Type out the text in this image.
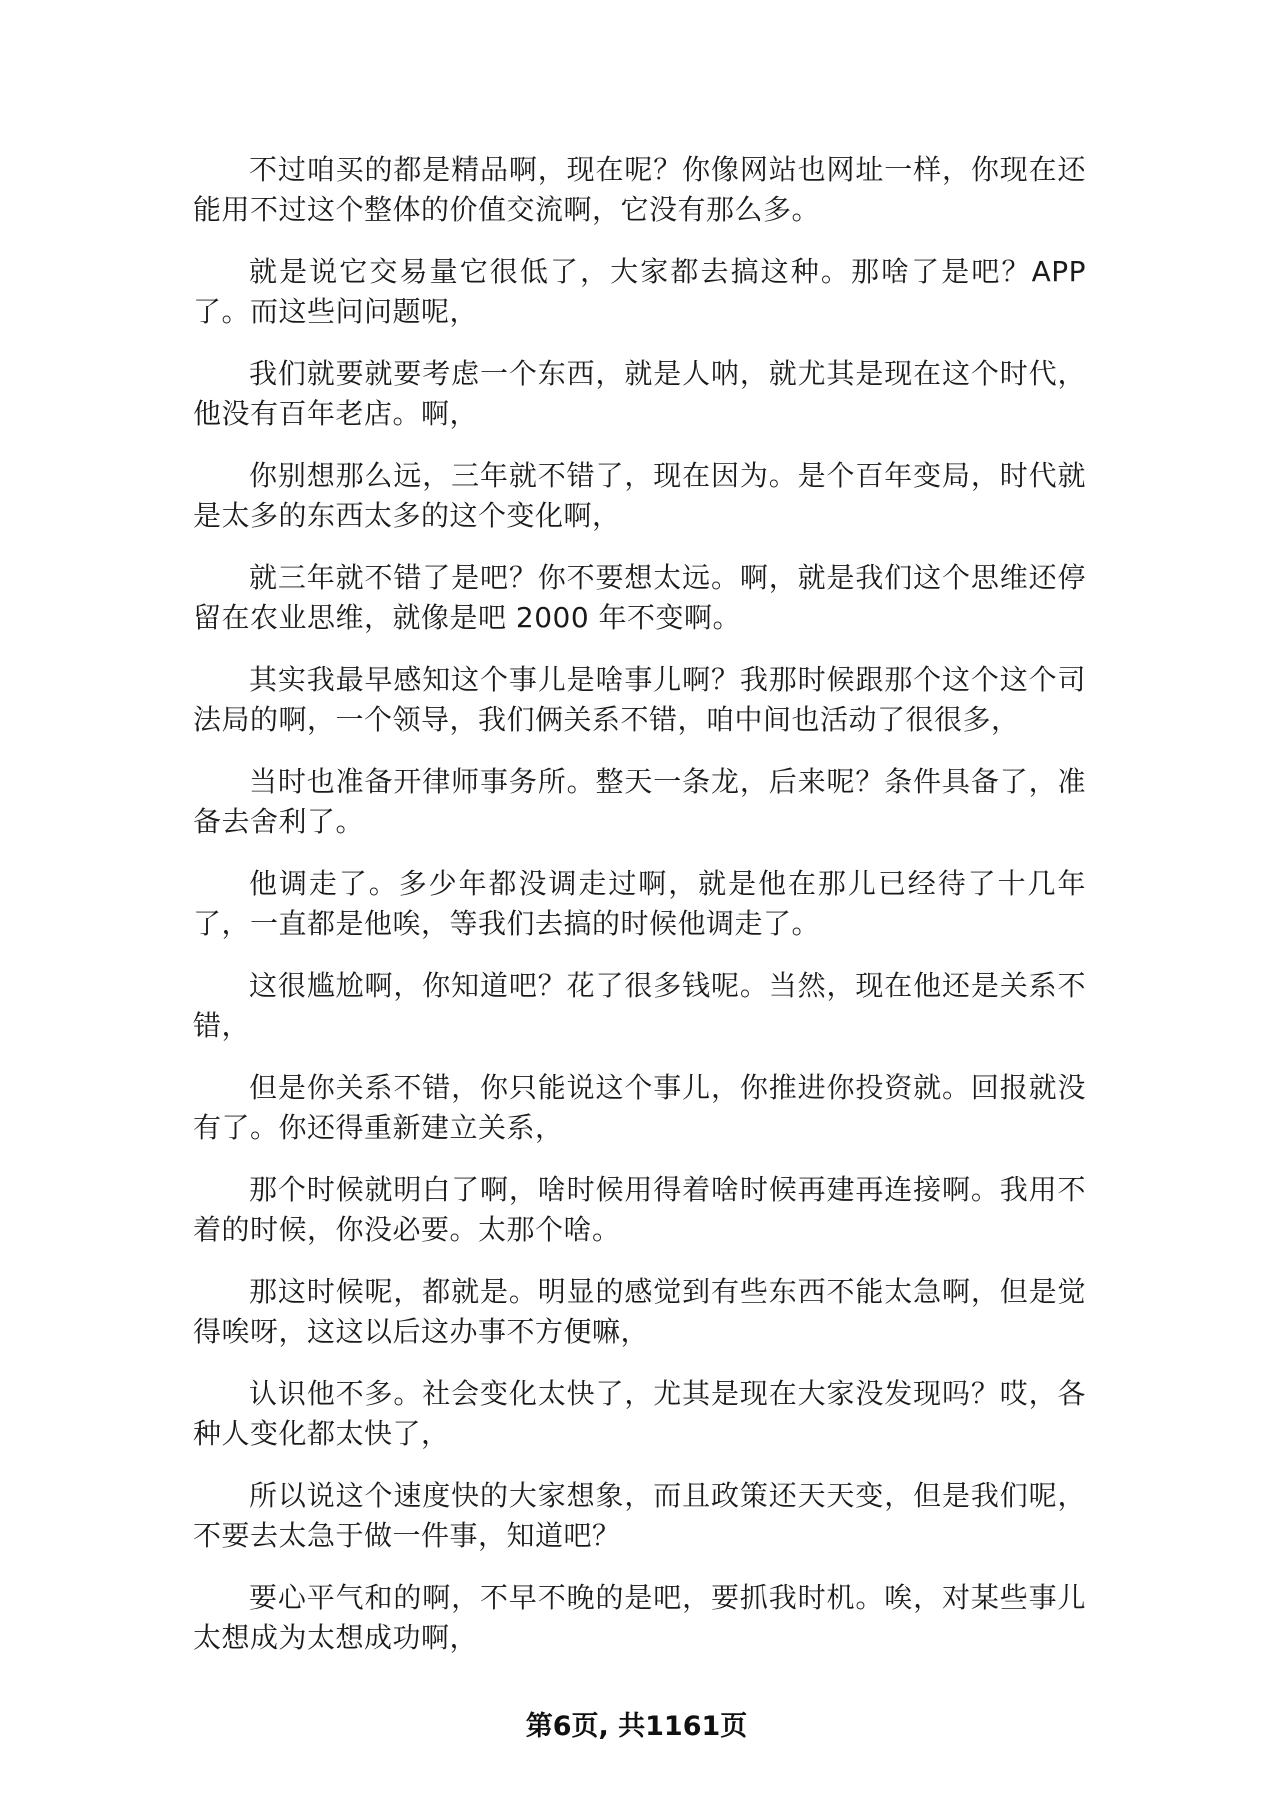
不过咱买的都是精品啊，现在呢？你像网站也网址一样，你现在还能用不过这个整体的价值交流啊，它没有那么多。

就是说它交易量它很低了，大家都去搞这种。那啥了是吧？APP了。而这些问问题呢，

我们就要就要考虑一个东西，就是人呐，就尤其是现在这个时代，他没有百年老店。啊，

你别想那么远，三年就不错了，现在因为。是个百年变局，时代就是太多的东西太多的这个变化啊，

就三年就不错了是吧？你不要想太远。啊，就是我们这个思维还停留在农业思维，就像是吧 2000 年不变啊。

其实我最早感知这个事儿是啥事儿啊？我那时候跟那个这个这个司法局的啊，一个领导，我们俩关系不错，咱中间也活动了很很多，

当时也准备开律师事务所。整天一条龙，后来呢？条件具备了，准备去舍利了。

他调走了。多少年都没调走过啊，就是他在那儿已经待了十几年了，一直都是他唉，等我们去搞的时候他调走了。

这很尴尬啊，你知道吧？花了很多钱呢。当然，现在他还是关系不错，

但是你关系不错，你只能说这个事儿，你推进你投资就。回报就没有了。你还得重新建立关系，

那个时候就明白了啊，啥时候用得着啥时候再建再连接啊。我用不着的时候，你没必要。太那个啥。

那这时候呢，都就是。明显的感觉到有些东西不能太急啊，但是觉得唉呀，这这以后这办事不方便嘛，

认识他不多。社会变化太快了，尤其是现在大家没发现吗？哎，各种人变化都太快了，

所以说这个速度快的大家想象，而且政策还天天变，但是我们呢，不要去太急于做一件事，知道吧？

要心平气和的啊，不早不晚的是吧，要抓我时机。唉，对某些事儿太想成为太想成功啊，

第6页, 共1161页
